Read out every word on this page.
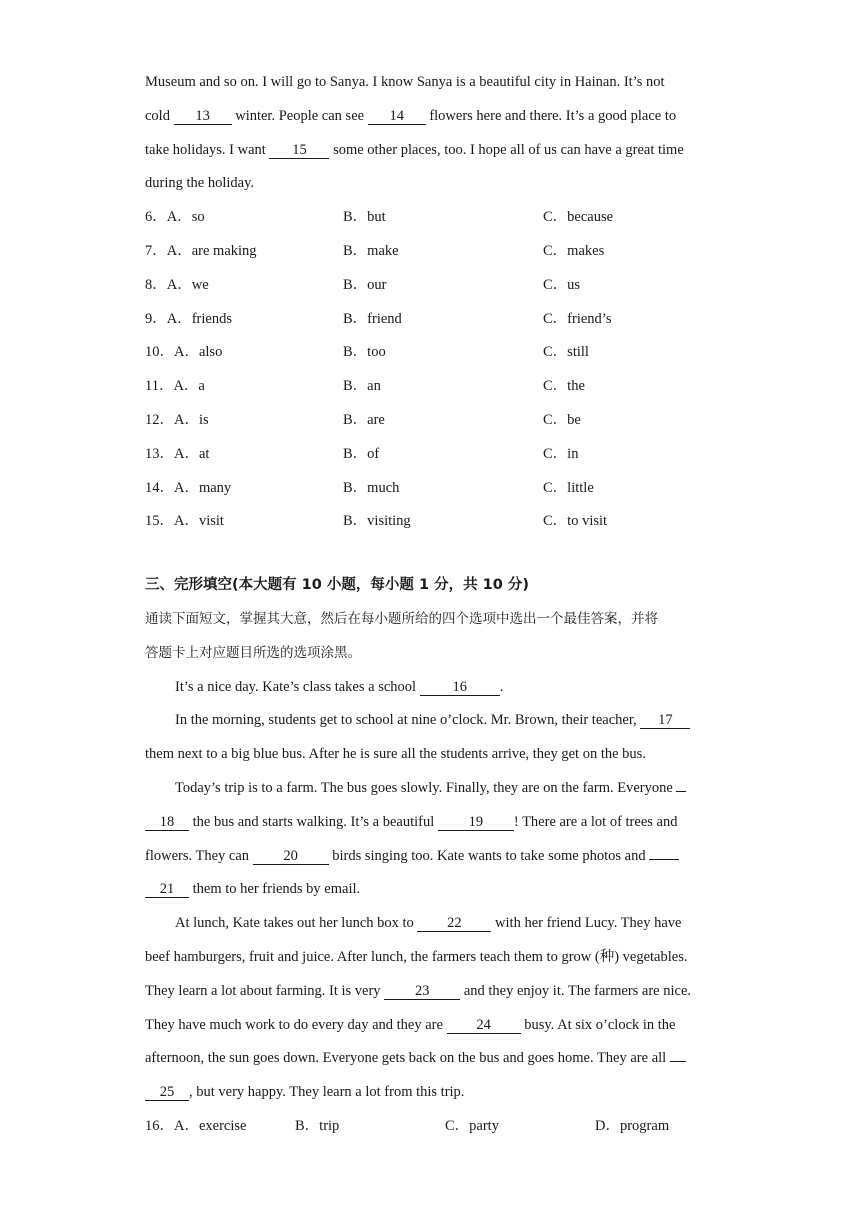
Museum and so on. I will go to Sanya. I know Sanya is a beautiful city in Hainan. It’s not
cold 13 winter. People can see 14 flowers here and there. It’s a good place to
take holidays. I want 15 some other places, too. I hope all of us can have a great time
during the holiday.
6．A．so	B．but	C．because
7．A．are making	B．make	C．makes
8．A．we	B．our	C．us
9．A．friends	B．friend	C．friend’s
10．A．also	B．too	C．still
11．A．a	B．an	C．the
12．A．is	B．are	C．be
13．A．at	B．of	C．in
14．A．many	B．much	C．little
15．A．visit	B．visiting	C．to visit
三、完形填空(本大题有 10 小题，每小题 1 分，共 10 分)
通读下面短文，掌握其大意，然后在每小题所给的四个选项中选出一个最佳答案，并将
答题卡上对应题目所选的选项涂黑。
It’s a nice day. Kate’s class takes a school 16 .
In the morning, students get to school at nine o’clock. Mr. Brown, their teacher, 17
them next to a big blue bus. After he is sure all the students arrive, they get on the bus.
Today’s trip is to a farm. The bus goes slowly. Finally, they are on the farm. Everyone
18 the bus and starts walking. It’s a beautiful 19 ! There are a lot of trees and
flowers. They can 20 birds singing too. Kate wants to take some photos and
21 them to her friends by email.
At lunch, Kate takes out her lunch box to 22 with her friend Lucy. They have
beef hamburgers, fruit and juice. After lunch, the farmers teach them to grow (种) vegetables.
They learn a lot about farming. It is very 23 and they enjoy it. The farmers are nice.
They have much work to do every day and they are 24 busy. At six o’clock in the
afternoon, the sun goes down. Everyone gets back on the bus and goes home. They are all
25 , but very happy. They learn a lot from this trip.
16．A．exercise	B．trip	C．party	D．program
